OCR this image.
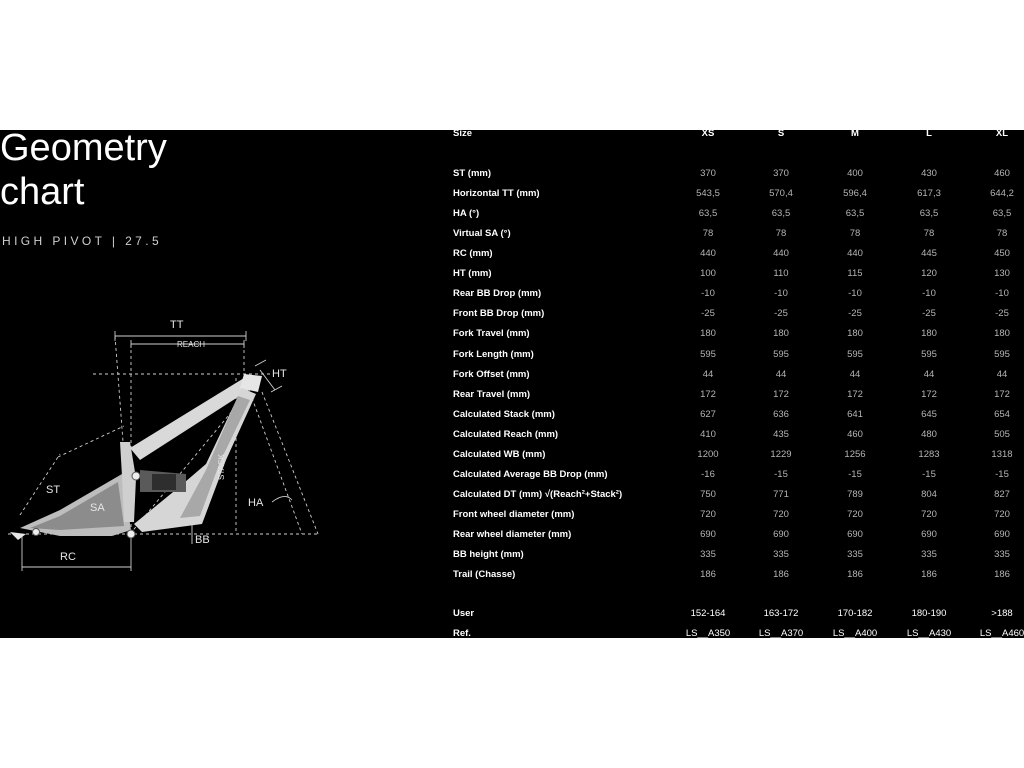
Geometry
chart
HIGH PIVOT | 27.5
TT
REACH
HT
STACK
ST
SA	HA
RC
BB
Size	XS	S	M	L	XL
ST (mm)	370	370	400	430	460
Horizontal TT (mm)	543,5	570,4	596,4	617,3	644,2
HA (°)	63,5	63,5	63,5	63,5	63,5
Virtual SA (°)	78	78	78	78	78
RC (mm)	440	440	440	445	450
HT (mm)	100	110	115	120	130
Rear BB Drop (mm)	-10	-10	-10	-10	-10
Front BB Drop (mm)	-25	-25	-25	-25	-25
Fork Travel (mm)	180	180	180	180	180
Fork Length (mm)	595	595	595	595	595
Fork Offset (mm)	44	44	44	44	44
Rear Travel (mm)	172	172	172	172	172
Calculated Stack (mm)	627	636	641	645	654
Calculated Reach (mm)	410	435	460	480	505
Calculated WB (mm)	1200	1229	1256	1283	1318
Calculated Average BB Drop (mm)	-16	-15	-15	-15	-15
Calculated DT (mm) √(Reach²+Stack²)	750	771	789	804	827
Front wheel diameter (mm)	720	720	720	720	720
Rear wheel diameter (mm)	690	690	690	690	690
BB height (mm)	335	335	335	335	335
Trail (Chasse)	186	186	186	186	186
User	152-164	163-172	170-182	180-190	>188
Ref.	LS__A350	LS__A370	LS__A400	LS__A430	LS__A460
